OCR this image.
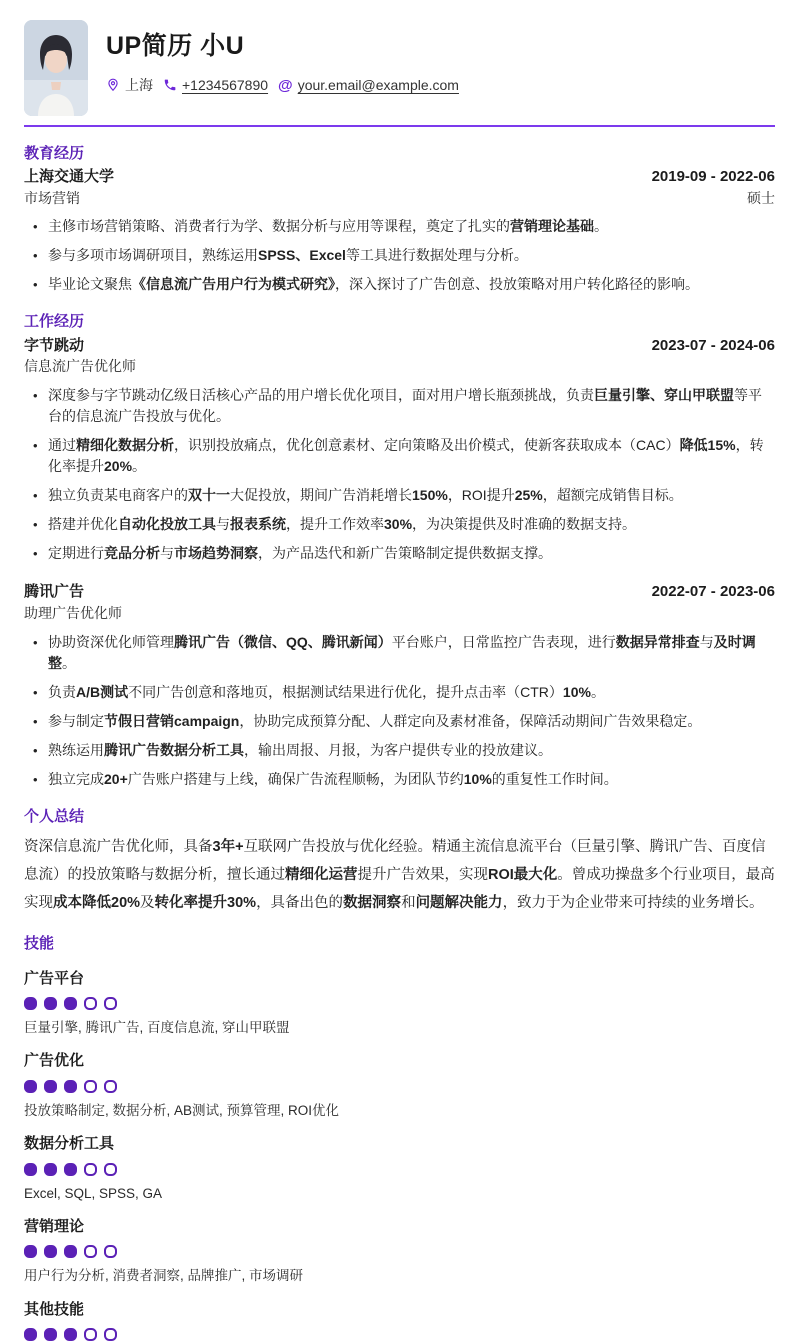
UP简历 小U
上海 +1234567890 @ your.email@example.com
教育经历
上海交通大学	2019-09 - 2022-06
市场营销	硕士
• 主修市场营销策略、消费者行为学、数据分析与应用等课程，奠定了扎实的营销理论基础。
• 参与多项市场调研项目，熟练运用SPSS、Excel等工具进行数据处理与分析。
• 毕业论文聚焦《信息流广告用户行为模式研究》，深入探讨了广告创意、投放策略对用户转化路径的影响。
工作经历
字节跳动	2023-07 - 2024-06
信息流广告优化师
• 深度参与字节跳动亿级日活核心产品的用户增长优化项目，面对用户增长瓶颈挑战，负责巨量引擎、穿山甲联盟等平台的信息流广告投放与优化。
• 通过精细化数据分析，识别投放痛点，优化创意素材、定向策略及出价模式，使新客获取成本（CAC）降低15%，转化率提升20%。
• 独立负责某电商客户的双十一大促投放，期间广告消耗增长150%，ROI提升25%，超额完成销售目标。
• 搭建并优化自动化投放工具与报表系统，提升工作效率30%，为决策提供及时准确的数据支持。
• 定期进行竞品分析与市场趋势洞察，为产品迭代和新广告策略制定提供数据支撑。
腾讯广告	2022-07 - 2023-06
助理广告优化师
• 协助资深优化师管理腾讯广告（微信、QQ、腾讯新闻）平台账户，日常监控广告表现，进行数据异常排查与及时调整。
• 负责A/B测试不同广告创意和落地页，根据测试结果进行优化，提升点击率（CTR）10%。
• 参与制定节假日营销campaign，协助完成预算分配、人群定向及素材准备，保障活动期间广告效果稳定。
• 熟练运用腾讯广告数据分析工具，输出周报、月报，为客户提供专业的投放建议。
• 独立完成20+广告账户搭建与上线，确保广告流程顺畅，为团队节约10%的重复性工作时间。
个人总结
资深信息流广告优化师，具备3年+互联网广告投放与优化经验。精通主流信息流平台（巨量引擎、腾讯广告、百度信息流）的投放策略与数据分析，擅长通过精细化运营提升广告效果，实现ROI最大化。曾成功操盘多个行业项目，最高实现成本降低20%及转化率提升30%，具备出色的数据洞察和问题解决能力，致力于为企业带来可持续的业务增长。
技能
广告平台
巨量引擎, 腾讯广告, 百度信息流, 穿山甲联盟
广告优化
投放策略制定, 数据分析, AB测试, 预算管理, ROI优化
数据分析工具
Excel, SQL, SPSS, GA
营销理论
用户行为分析, 消费者洞察, 品牌推广, 市场调研
其他技能
